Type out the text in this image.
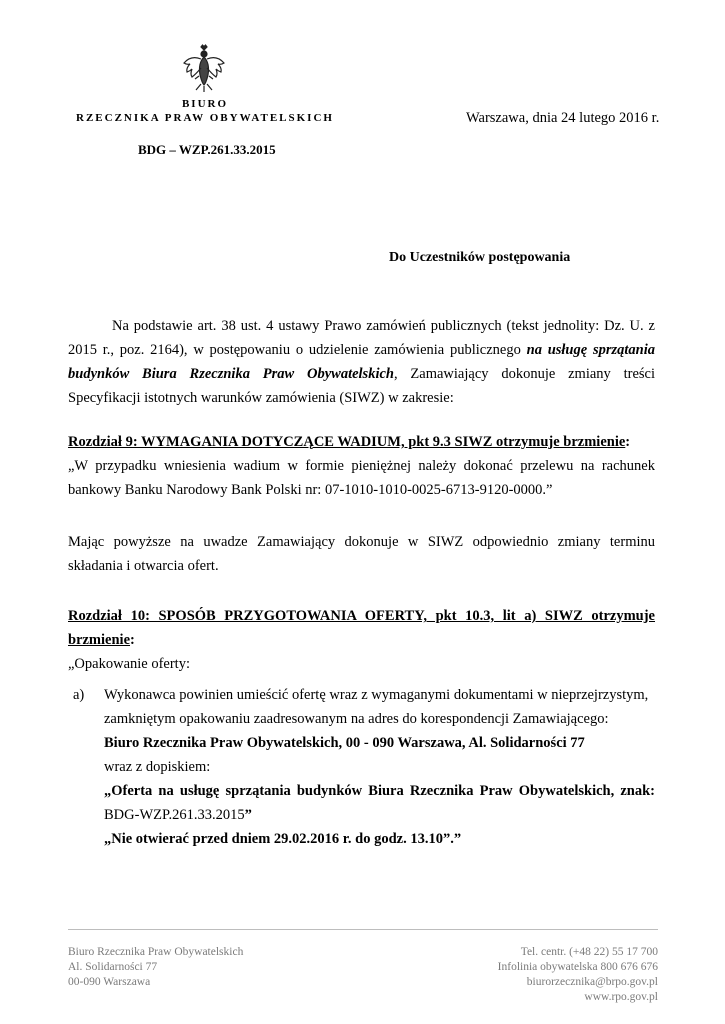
BIURO
RZECZNIKA PRAW OBYWATELSKICH
BDG – WZP.261.33.2015
Warszawa, dnia 24 lutego 2016 r.
Do Uczestników postępowania
Na podstawie art. 38 ust. 4 ustawy Prawo zamówień publicznych (tekst jednolity: Dz. U. z 2015 r., poz. 2164), w postępowaniu o udzielenie zamówienia publicznego na usługę sprzątania budynków Biura Rzecznika Praw Obywatelskich, Zamawiający dokonuje zmiany treści Specyfikacji istotnych warunków zamówienia (SIWZ) w zakresie:
Rozdział 9: WYMAGANIA DOTYCZĄCE WADIUM, pkt 9.3 SIWZ otrzymuje brzmienie:
„W przypadku wniesienia wadium w formie pieniężnej należy dokonać przelewu na rachunek bankowy Banku Narodowy Bank Polski nr: 07-1010-1010-0025-6713-9120-0000.”
Mając powyższe na uwadze Zamawiający dokonuje w SIWZ odpowiednio zmiany terminu składania i otwarcia ofert.
Rozdział 10: SPOSÓB PRZYGOTOWANIA OFERTY, pkt 10.3, lit a) SIWZ otrzymuje brzmienie:
„Opakowanie oferty:
a) Wykonawca powinien umieścić ofertę wraz z wymaganymi dokumentami w nieprzejrzystym, zamkniętym opakowaniu zaadresowanym na adres do korespondencji Zamawiającego:
Biuro Rzecznika Praw Obywatelskich, 00 - 090 Warszawa, Al. Solidarności 77
wraz z dopiskiem:
„Oferta na usługę sprzątania budynków Biura Rzecznika Praw Obywatelskich, znak: BDG-WZP.261.33.2015”
„Nie otwierać przed dniem 29.02.2016 r. do godz. 13.10”.”
Biuro Rzecznika Praw Obywatelskich
Al. Solidarności 77
00-090 Warszawa
Tel. centr. (+48 22) 55 17 700
Infolinia obywatelska 800 676 676
biurorzecznika@brpo.gov.pl
www.rpo.gov.pl
